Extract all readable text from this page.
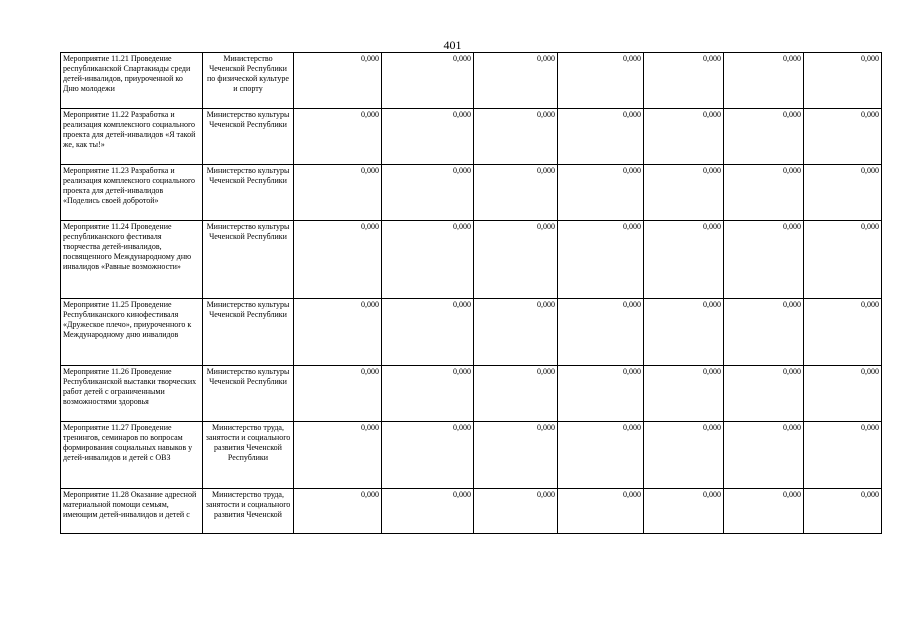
401
Мероприятие 11.21 Проведение республиканской Спартакиады среди детей-инвалидов, приуроченной ко Дню молодежи	Министерство Чеченской Республики по физической культуре и спорту	0,000	0,000	0,000	0,000	0,000	0,000	0,000
Мероприятие 11.22 Разработка и реализация комплексного социального проекта для детей-инвалидов «Я такой же, как ты!»	Министерство культуры Чеченской Республики	0,000	0,000	0,000	0,000	0,000	0,000	0,000
Мероприятие 11.23 Разработка и реализация комплексного социального проекта для детей-инвалидов «Поделись своей добротой»	Министерство культуры Чеченской Республики	0,000	0,000	0,000	0,000	0,000	0,000	0,000
Мероприятие 11.24 Проведение республиканского фестиваля творчества детей-инвалидов, посвященного Международному дню инвалидов «Равные возможности»	Министерство культуры Чеченской Республики	0,000	0,000	0,000	0,000	0,000	0,000	0,000
Мероприятие 11.25 Проведение Республиканского кинофестиваля «Дружеское плечо», приуроченного к Международному дню инвалидов	Министерство культуры Чеченской Республики	0,000	0,000	0,000	0,000	0,000	0,000	0,000
Мероприятие 11.26 Проведение Республиканской выставки творческих работ детей с ограниченными возможностями здоровья	Министерство культуры Чеченской Республики	0,000	0,000	0,000	0,000	0,000	0,000	0,000
Мероприятие 11.27 Проведение тренингов, семинаров по вопросам формирования социальных навыков у детей-инвалидов и детей с ОВЗ	Министерство труда, занятости и социального развития Чеченской Республики	0,000	0,000	0,000	0,000	0,000	0,000	0,000
Мероприятие 11.28 Оказание адресной материальной помощи семьям, имеющим детей-инвалидов и детей с	Министерство труда, занятости и социального развития Чеченской	0,000	0,000	0,000	0,000	0,000	0,000	0,000
